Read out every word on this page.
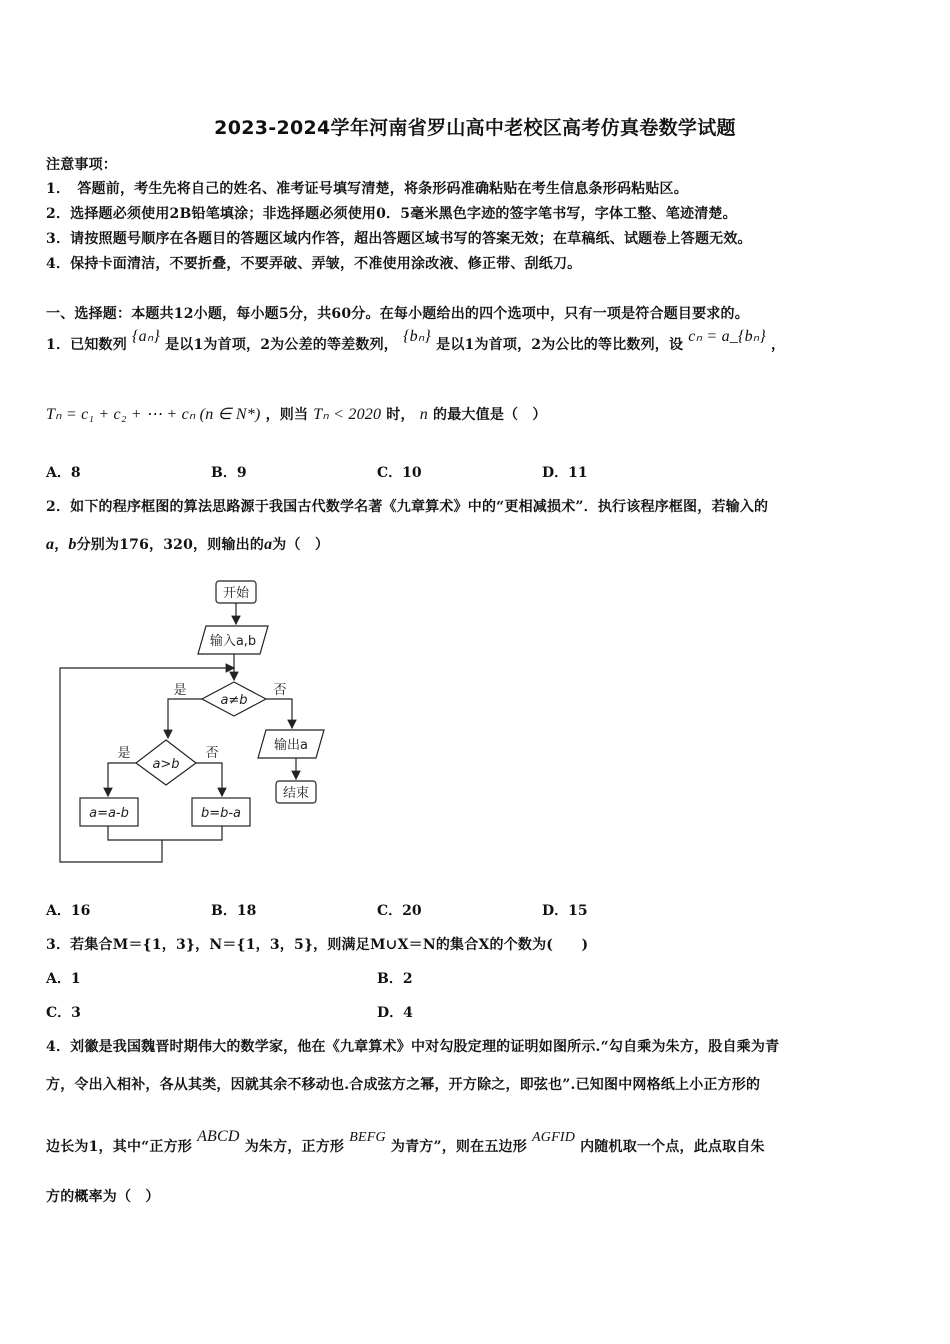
2023-2024学年河南省罗山高中老校区高考仿真卷数学试题
注意事项：
1．　答题前，考生先将自己的姓名、准考证号填写清楚，将条形码准确粘贴在考生信息条形码粘贴区。
2．选择题必须使用2B铅笔填涂；非选择题必须使用0．5毫米黑色字迹的签字笔书写，字体工整、笔迹清楚。
3．请按照题号顺序在各题目的答题区域内作答，超出答题区域书写的答案无效；在草稿纸、试题卷上答题无效。
4．保持卡面清洁，不要折叠，不要弄破、弄皱，不准使用涂改液、修正带、刮纸刀。
一、选择题：本题共12小题，每小题5分，共60分。在每小题给出的四个选项中，只有一项是符合题目要求的。
1．已知数列 {aₙ} 是以1为首项，2为公差的等差数列， {bₙ} 是以1为首项，2为公比的等比数列，设 cₙ = a_{bₙ} ，
Tₙ = c₁ + c₂ + ⋯ + cₙ (n ∈ N*) ，则当 Tₙ < 2020 时， n 的最大值是（　）
A．8	B．9	C．10	D．11
2．如下的程序框图的算法思路源于我国古代数学名著《九章算术》中的“更相减损术”．执行该程序框图，若输入的
a，b分别为176，320，则输出的a为（　）
开始
输入a,b
a≠b
是	否
输出a
结束
a>b
是	否
a=a-b	b=b-a
A．16	B．18	C．20	D．15
3．若集合M＝{1，3}，N＝{1，3，5}，则满足M∪X＝N的集合X的个数为(　　)
A．1	B．2
C．3	D．4
4．刘徽是我国魏晋时期伟大的数学家，他在《九章算术》中对勾股定理的证明如图所示.“勾自乘为朱方，股自乘为青
方，令出入相补，各从其类，因就其余不移动也.合成弦方之幂，开方除之，即弦也”.已知图中网格纸上小正方形的
边长为1，其中“正方形 ABCD 为朱方，正方形 BEFG 为青方”，则在五边形 AGFID 内随机取一个点，此点取自朱
方的概率为（　）
